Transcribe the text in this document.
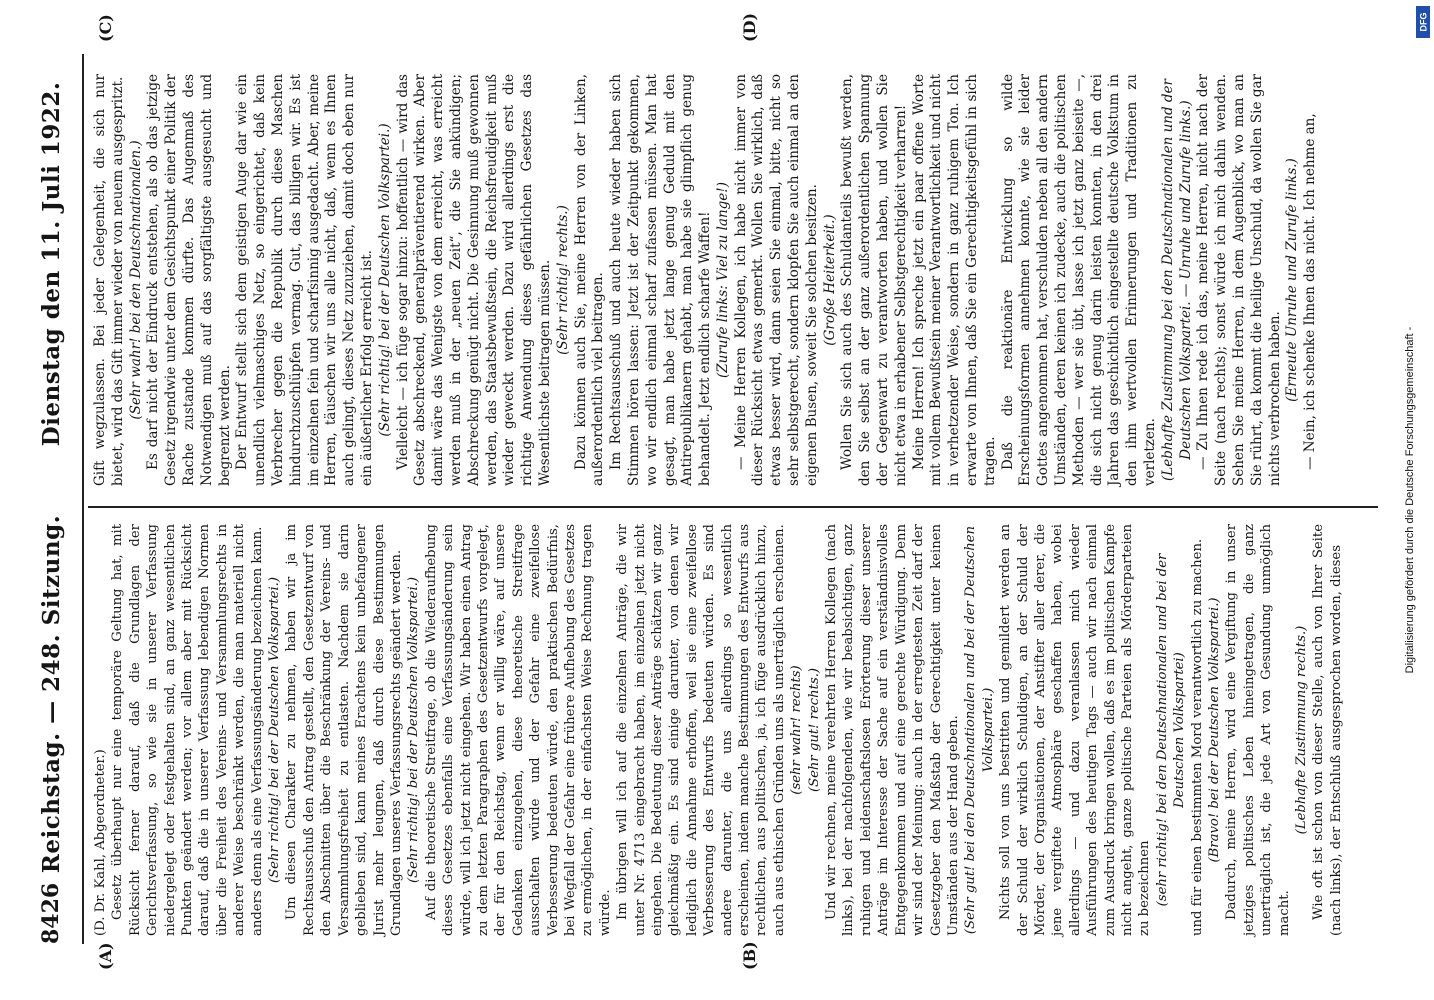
8426
Reichstag. — 248. Sitzung.
Dienstag den 11. Juli 1922.
(A)	(B)
(C)	(D)

(D. Dr. Kahl, Abgeordneter.) Gesetz überhaupt nur eine temporäre Geltung hat, mit Rücksicht ferner darauf, daß die Grundlagen der Gerichtsverfassung, so wie sie in unserer Verfassung niedergelegt oder festgehalten sind, an ganz wesentlichen Punkten geändert werden; vor allem aber mit Rücksicht darauf, daß die in unserer Verfassung lebendigen Normen über die Freiheit des Vereins- und Versammlungsrechts in anderer Weise beschränkt werden, die man materiell nicht anders denn als eine Verfassungsänderung bezeichnen kann. (Sehr richtig! bei der Deutschen Volkspartei.) Um diesen Charakter zu nehmen, haben wir ja im Rechtsausschuß den Antrag gestellt, den Gesetzentwurf von den Abschnitten über die Beschränkung der Vereins- und Versammlungsfreiheit zu entlasten. Nachdem sie darin geblieben sind, kann meines Erachtens kein unbefangener Jurist mehr leugnen, daß durch diese Bestimmungen Grundlagen unseres Verfassungsrechts geändert werden. (Sehr richtig! bei der Deutschen Volkspartei.) Auf die theoretische Streitfrage, ob die Wiederaufhebung dieses Gesetzes ebenfalls eine Verfassungsänderung sein würde, will ich jetzt nicht eingehen. Wir haben einen Antrag zu dem letzten Paragraphen des Gesetzentwurfs vorgelegt, der für den Reichstag, wenn er willig wäre, auf unsere Gedanken einzugehen, diese theoretische Streitfrage ausschalten würde und der Gefahr eine zweifellose Verbesserung bedeuten würde, den praktischen Bedürfnis, bei Wegfall der Gefahr eine frühere Aufhebung des Gesetzes zu ermöglichen, in der einfachsten Weise Rechnung tragen würde. Im übrigen will ich auf die einzelnen Anträge, die wir unter Nr. 4713 eingebracht haben, im einzelnen jetzt nicht eingehen. Die Bedeutung dieser Anträge schätzen wir ganz gleichmäßig ein. Es sind einige darunter, von denen wir lediglich die Annahme erhoffen, weil sie eine zweifellose Verbesserung des Entwurfs bedeuten würden. Es sind andere darunter, die uns allerdings so wesentlich erscheinen, indem manche Bestimmungen des Entwurfs aus rechtlichen, aus politischen, ja, ich füge ausdrücklich hinzu, auch aus ethischen Gründen uns als unerträglich erscheinen. (sehr wahr! rechts) (Sehr gut! rechts.) Und wir rechnen, meine verehrten Herren Kollegen (nach links), bei der nachfolgenden, wie wir beabsichtigen, ganz ruhigen und leidenschaftslosen Erörterung dieser unserer Anträge im Interesse der Sache auf ein verständnisvolles Entgegenkommen und auf eine gerechte Würdigung. Denn wir sind der Meinung: auch in der erregtesten Zeit darf der Gesetzgeber den Maßstab der Gerechtigkeit unter keinen Umständen aus der Hand geben. (Sehr gut! bei den Deutschnationalen und bei der Deutschen Volkspartei.) Nichts soll von uns bestritten und gemildert werden an der Schuld der wirklich Schuldigen, an der Schuld der Mörder, der Organisationen, der Anstifter aller derer, die jene vergiftete Atmosphäre geschaffen haben, wobei allerdings — und dazu veranlassen mich wieder Ausführungen des heutigen Tags — auch wir nach einmal zum Ausdruck bringen wollen, daß es im politischen Kampfe nicht angeht, ganze politische Parteien als Mörderparteien zu bezeichnen (sehr richtig! bei den Deutschnationalen und bei der Deutschen Volkspartei) und für einen bestimmten Mord verantwortlich zu machen. (Bravo! bei der Deutschen Volkspartei.) Dadurch, meine Herren, wird eine Vergiftung in unser jetziges politisches Leben hineingetragen, die ganz unerträglich ist, die jede Art von Gesundung unmöglich macht.

(Lebhafte Zustimmung rechts.) Wie oft ist schon von dieser Stelle, auch von Ihrer Seite (nach links), der Entschluß ausgesprochen worden, dieses

Gift wegzulassen. Bei jeder Gelegenheit, die sich nur bietet, wird das Gift immer wieder von neuem ausgespritzt. (Sehr wahr! bei den Deutschnationalen.) Es darf nicht der Eindruck entstehen, als ob das jetzige Gesetz irgendwie unter dem Gesichtspunkt einer Politik der Rache zustande kommen dürfte. Das Augenmaß des Notwendigen muß auf das sorgfältigste ausgesucht und begrenzt werden. Der Entwurf stellt sich dem geistigen Auge dar wie ein unendlich vielmaschiges Netz, so eingerichtet, daß kein Verbrecher gegen die Republik durch diese Maschen hindurchzuschlüpfen vermag. Gut, das billigen wir. Es ist im einzelnen fein und scharfsinnig ausgedacht. Aber, meine Herren, täuschen wir uns alle nicht, daß, wenn es Ihnen auch gelingt, dieses Netz zuzuziehen, damit doch eben nur ein äußerlicher Erfolg erreicht ist. (Sehr richtig! bei der Deutschen Volkspartei.) Vielleicht — ich füge sogar hinzu: hoffentlich — wird das Gesetz abschreckend, generalpräventierend wirken. Aber damit wäre das Wenigste von dem erreicht, was erreicht werden muß in der „neuen Zeit“, die Sie ankündigen; Abschreckung genügt nicht. Die Gesinnung muß gewonnen werden, das Staatsbewußtsein, die Reichsfreudigkeit muß wieder geweckt werden. Dazu wird allerdings erst die richtige Anwendung dieses gefährlichen Gesetzes das Wesentlichste beitragen müssen. (Sehr richtig! rechts.) Dazu können auch Sie, meine Herren von der Linken, außerordentlich viel beitragen. Im Rechtsausschuß und auch heute wieder haben sich Stimmen hören lassen: Jetzt ist der Zeitpunkt gekommen, wo wir endlich einmal scharf zufassen müssen. Man hat gesagt, man habe jetzt lange genug Geduld mit den Antirepublikanern gehabt, man habe sie glimpflich genug behandelt. Jetzt endlich scharfe Waffen! (Zurufe links: Viel zu lange!) — Meine Herren Kollegen, ich habe nicht immer von dieser Rücksicht etwas gemerkt. Wollen Sie wirklich, daß etwas besser wird, dann seien Sie einmal, bitte, nicht so sehr selbstgerecht, sondern klopfen Sie auch einmal an den eigenen Busen, soweit Sie solchen besitzen. (Große Heiterkeit.) Wollen Sie sich auch des Schuldanteils bewußt werden, den Sie selbst an der ganz außerordentlichen Spannung der Gegenwart zu verantworten haben, und wollen Sie nicht etwa in erhabener Selbstgerechtigkeit verharren! Meine Herren! Ich spreche jetzt ein paar offene Worte mit vollem Bewußtsein meiner Verantwortlichkeit und nicht in verhetzender Weise, sondern in ganz ruhigem Ton. Ich erwarte von Ihnen, daß Sie ein Gerechtigkeitsgefühl in sich tragen. Daß die reaktionäre Entwicklung so wilde Erscheinungsformen annehmen konnte, wie sie leider Gottes angenommen hat, verschulden neben all den andern Umständen, deren keinen ich zudecke, auch die politischen Methoden — wer sie übt, lasse ich jetzt ganz beiseite —, die sich nicht genug darin leisten konnten, in den drei Jahren das geschichtlich eingestellte deutsche Volkstum in den ihm wertvollen Erinnerungen und Traditionen zu verletzen. (Lebhafte Zustimmung bei den Deutschnationalen und der Deutschen Volkspartei. — Unruhe und Zurufe links.) — Zu Ihnen rede ich das, meine Herren, nicht nach der Seite (nach rechts); sonst würde ich mich dahin wenden. Sehen Sie meine Herren, in dem Augenblick, wo man an Sie rührt, da kommt die heilige Unschuld, da wollen Sie gar nichts verbrochen haben. (Erneute Unruhe und Zurufe links.) — Nein, ich schenke Ihnen das nicht. Ich nehme an,

DFG
Digitalisierung gefördert durch die Deutsche Forschungsgemeinschaft -
